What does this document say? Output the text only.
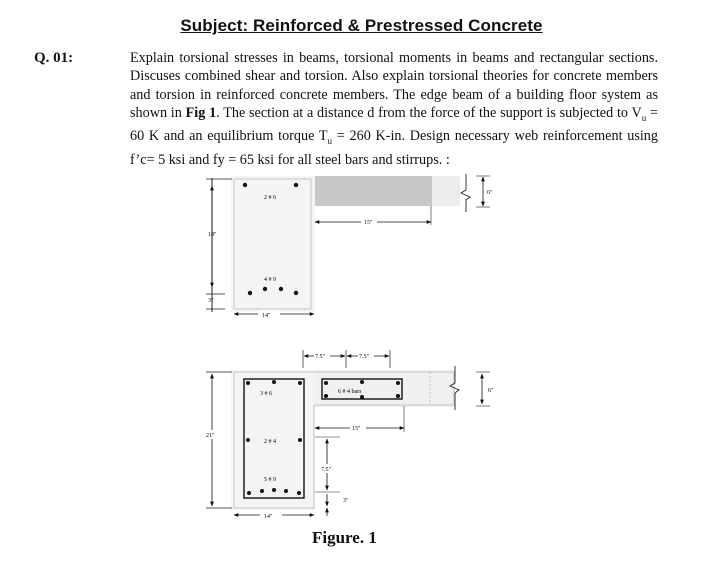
Subject: Reinforced & Prestressed Concrete
Q. 01:	Explain torsional stresses in beams, torsional moments in beams and rectangular sections. Discuses combined shear and torsion. Also explain torsional theories for concrete members and torsion in reinforced concrete members. The edge beam of a building floor system as shown in Fig 1. The section at a distance d from the force of the support is subjected to $V_u = 60$ K and an equilibrium torque $T_u = 260$ K-in. Design necessary web reinforcement using f’c= 5 ksi and fy = 65 ksi for all steel bars and stirrups. :

2 # 6
4 # 9
18"
3"
14"
15"
6"
7.5"	7.5"
3 # 6	6 # 4 bars
2 # 4
5 # 9
21"
15"
7.5"
3"
14"
6"
Figure. 1
